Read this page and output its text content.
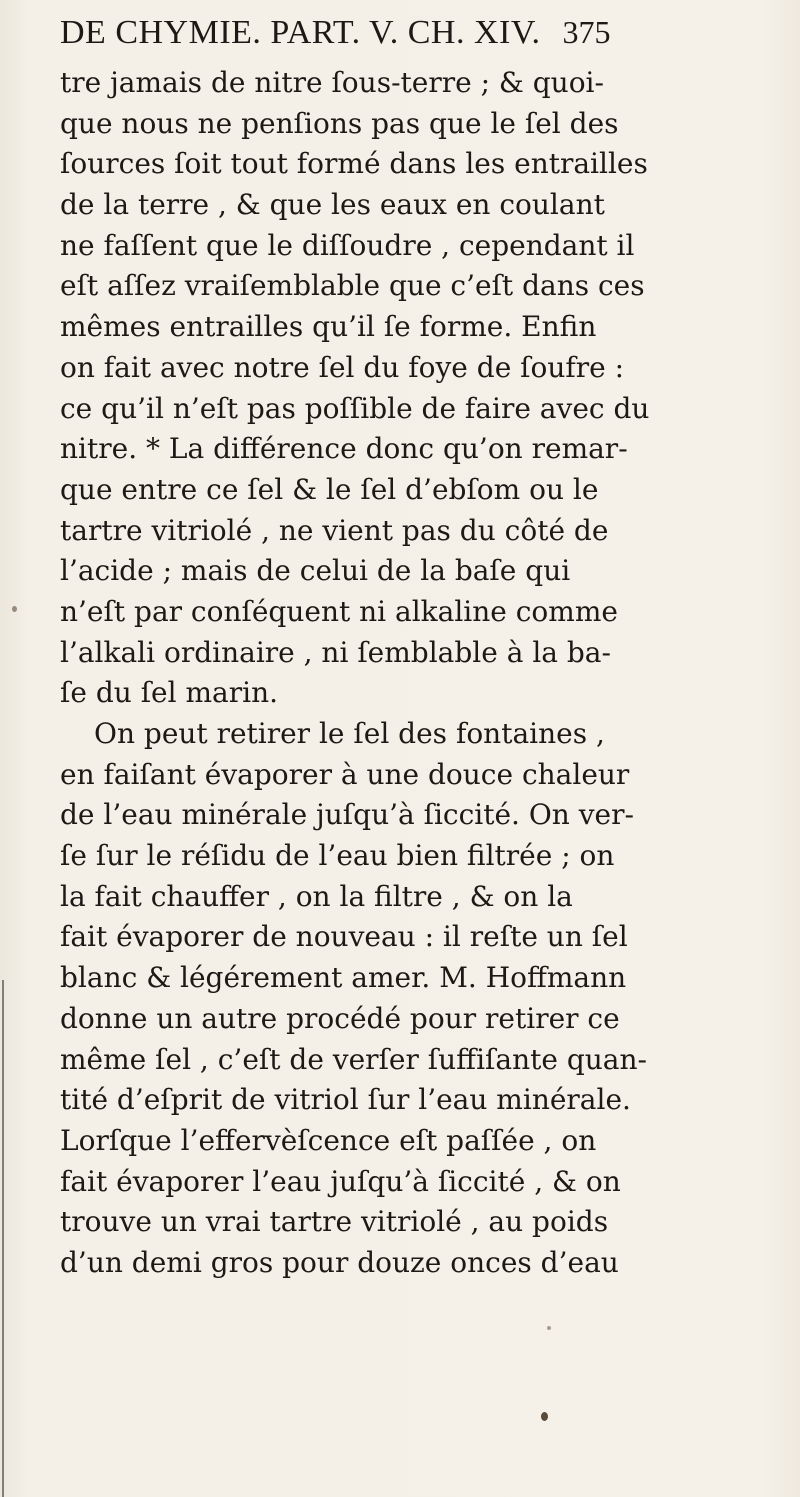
DE CHYMIE. PART. V. CH. XIV. 375
tre jamais de nitre ſous-terre ; & quoi-
que nous ne penſions pas que le ſel des
ſources ſoit tout formé dans les entrailles
de la terre , & que les eaux en coulant
ne faſſent que le diſſoudre , cependant il
eſt aſſez vraiſemblable que c’eſt dans ces
mêmes entrailles qu’il ſe forme. Enfin
on fait avec notre ſel du foye de ſoufre :
ce qu’il n’eſt pas poſſible de faire avec du
nitre. * La différence donc qu’on remar-
que entre ce ſel & le ſel d’ebſom ou le
tartre vitriolé , ne vient pas du côté de
l’acide ; mais de celui de la baſe qui
n’eſt par conſéquent ni alkaline comme
l’alkali ordinaire , ni ſemblable à la ba-
ſe du ſel marin.
On peut retirer le ſel des fontaines ,
en faiſant évaporer à une douce chaleur
de l’eau minérale juſqu’à ſiccité. On ver-
ſe ſur le réſidu de l’eau bien filtrée ; on
la fait chauffer , on la filtre , & on la
fait évaporer de nouveau : il reſte un ſel
blanc & légérement amer. M. Hoffmann
donne un autre procédé pour retirer ce
même ſel , c’eſt de verſer ſuffiſante quan-
tité d’eſprit de vitriol ſur l’eau minérale.
Lorſque l’effervèſcence eſt paſſée , on
fait évaporer l’eau juſqu’à ſiccité , & on
trouve un vrai tartre vitriolé , au poids
d’un demi gros pour douze onces d’eau
